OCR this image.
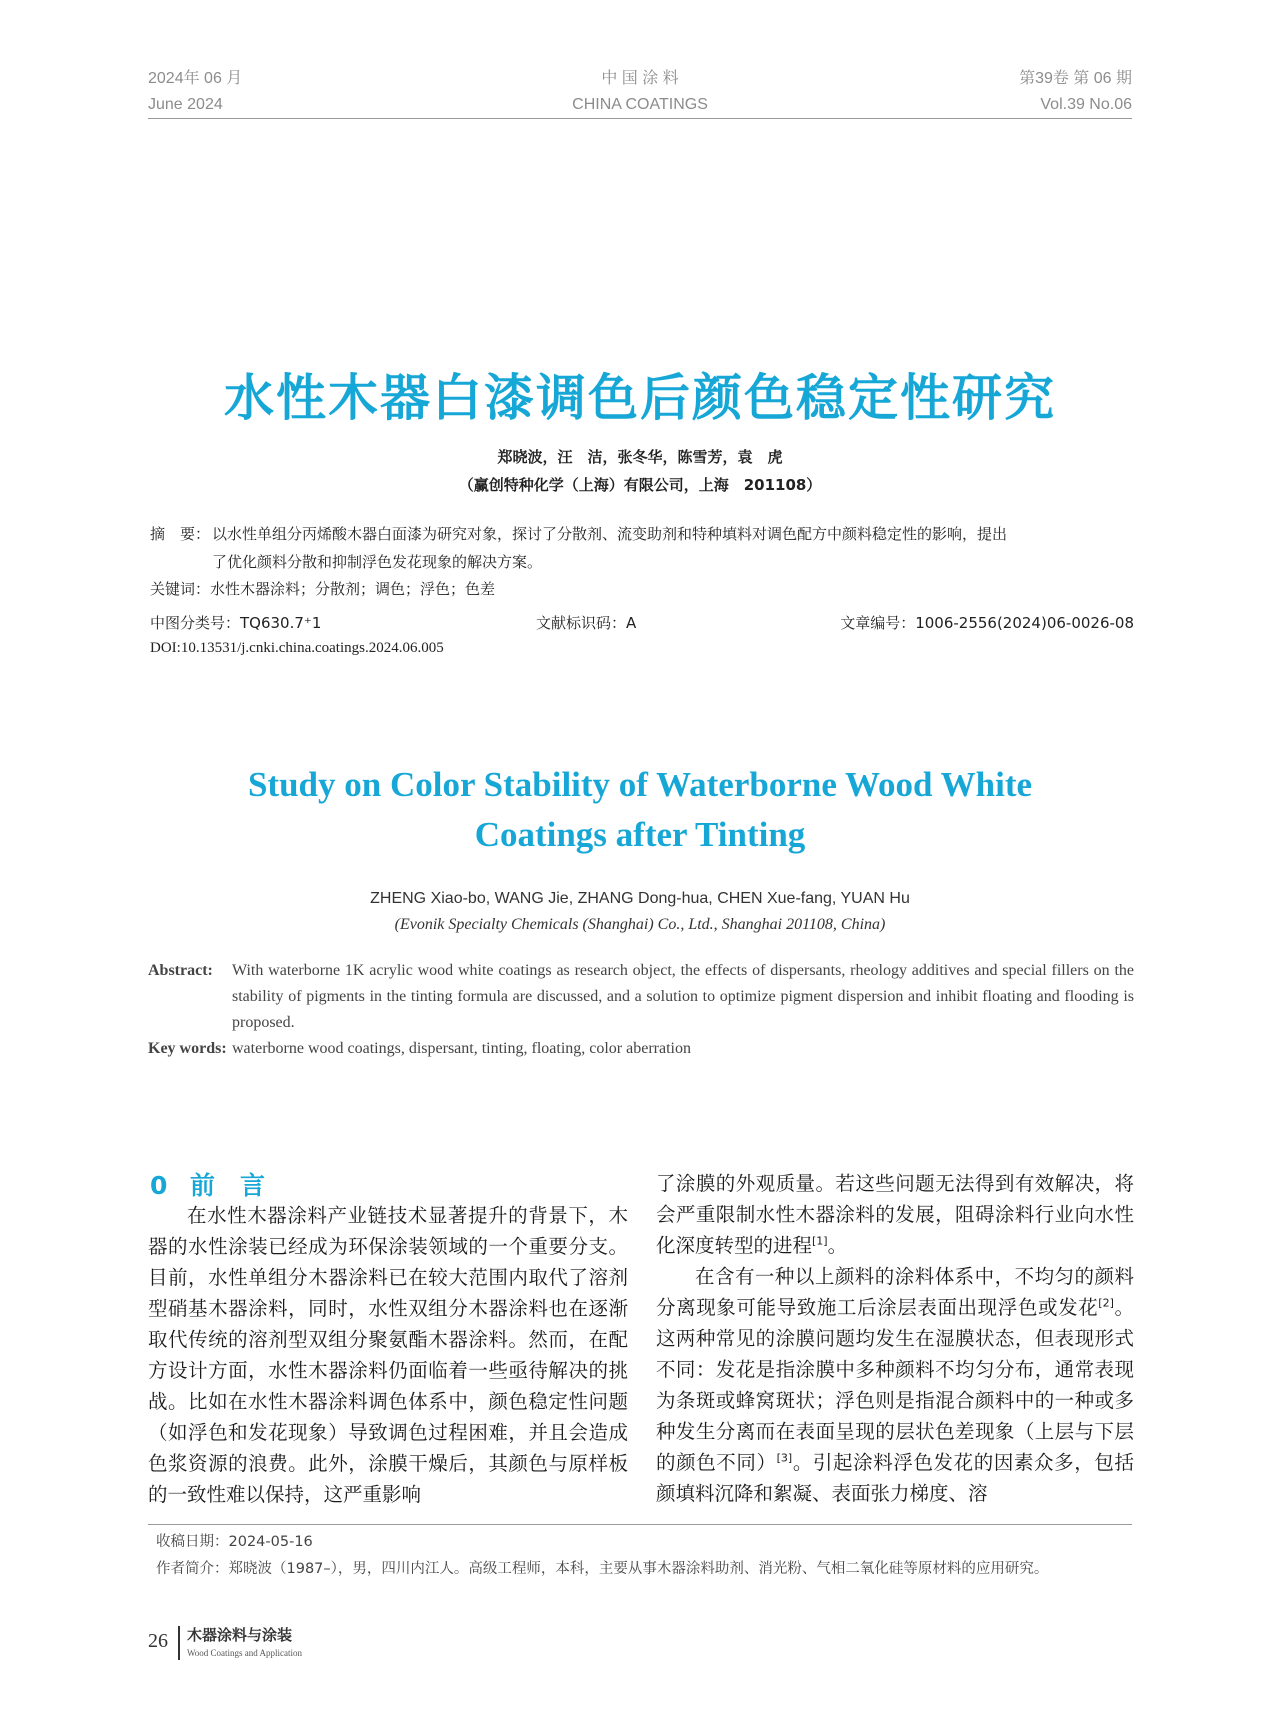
2024年 06 月
June 2024
中 国 涂 料
CHINA COATINGS
第39卷 第 06 期
Vol.39 No.06
水性木器白漆调色后颜色稳定性研究
郑晓波，汪　洁，张冬华，陈雪芳，袁　虎
（赢创特种化学（上海）有限公司，上海　201108）
摘　要： 以水性单组分丙烯酸木器白面漆为研究对象，探讨了分散剂、流变助剂和特种填料对调色配方中颜料稳定性的影响，提出
了优化颜料分散和抑制浮色发花现象的解决方案。
关键词：水性木器涂料；分散剂；调色；浮色；色差
中图分类号：TQ630.7⁺1	文献标识码：A	文章编号：1006-2556(2024)06-0026-08
DOI:10.13531/j.cnki.china.coatings.2024.06.005
Study on Color Stability of Waterborne Wood White
Coatings after Tinting
ZHENG Xiao-bo, WANG Jie, ZHANG Dong-hua, CHEN Xue-fang, YUAN Hu
(Evonik Specialty Chemicals (Shanghai) Co., Ltd., Shanghai 201108, China)
Abstract:	With waterborne 1K acrylic wood white coatings as research object, the effects of dispersants, rheology additives and special fillers on the stability of pigments in the tinting formula are discussed, and a solution to optimize pigment dispersion and inhibit floating and flooding is proposed.
Key words: waterborne wood coatings, dispersant, tinting, floating, color aberration
0 前　言

在水性木器涂料产业链技术显著提升的背景下，木器的水性涂装已经成为环保涂装领域的一个重要分支。目前，水性单组分木器涂料已在较大范围内取代了溶剂型硝基木器涂料，同时，水性双组分木器涂料也在逐渐取代传统的溶剂型双组分聚氨酯木器涂料。然而，在配方设计方面，水性木器涂料仍面临着一些亟待解决的挑战。比如在水性木器涂料调色体系中，颜色稳定性问题（如浮色和发花现象）导致调色过程困难，并且会造成色浆资源的浪费。此外，涂膜干燥后，其颜色与原样板的一致性难以保持，这严重影响

了涂膜的外观质量。若这些问题无法得到有效解决，将会严重限制水性木器涂料的发展，阻碍涂料行业向水性化深度转型的进程[1]。

在含有一种以上颜料的涂料体系中，不均匀的颜料分离现象可能导致施工后涂层表面出现浮色或发花[2]。这两种常见的涂膜问题均发生在湿膜状态，但表现形式不同：发花是指涂膜中多种颜料不均匀分布，通常表现为条斑或蜂窝斑状；浮色则是指混合颜料中的一种或多种发生分离而在表面呈现的层状色差现象（上层与下层的颜色不同）[3]。引起涂料浮色发花的因素众多，包括颜填料沉降和絮凝、表面张力梯度、溶

收稿日期：2024-05-16
作者简介：郑晓波（1987–），男，四川内江人。高级工程师，本科，主要从事木器涂料助剂、消光粉、气相二氧化硅等原材料的应用研究。
26 木器涂料与涂装
Wood Coatings and Application
